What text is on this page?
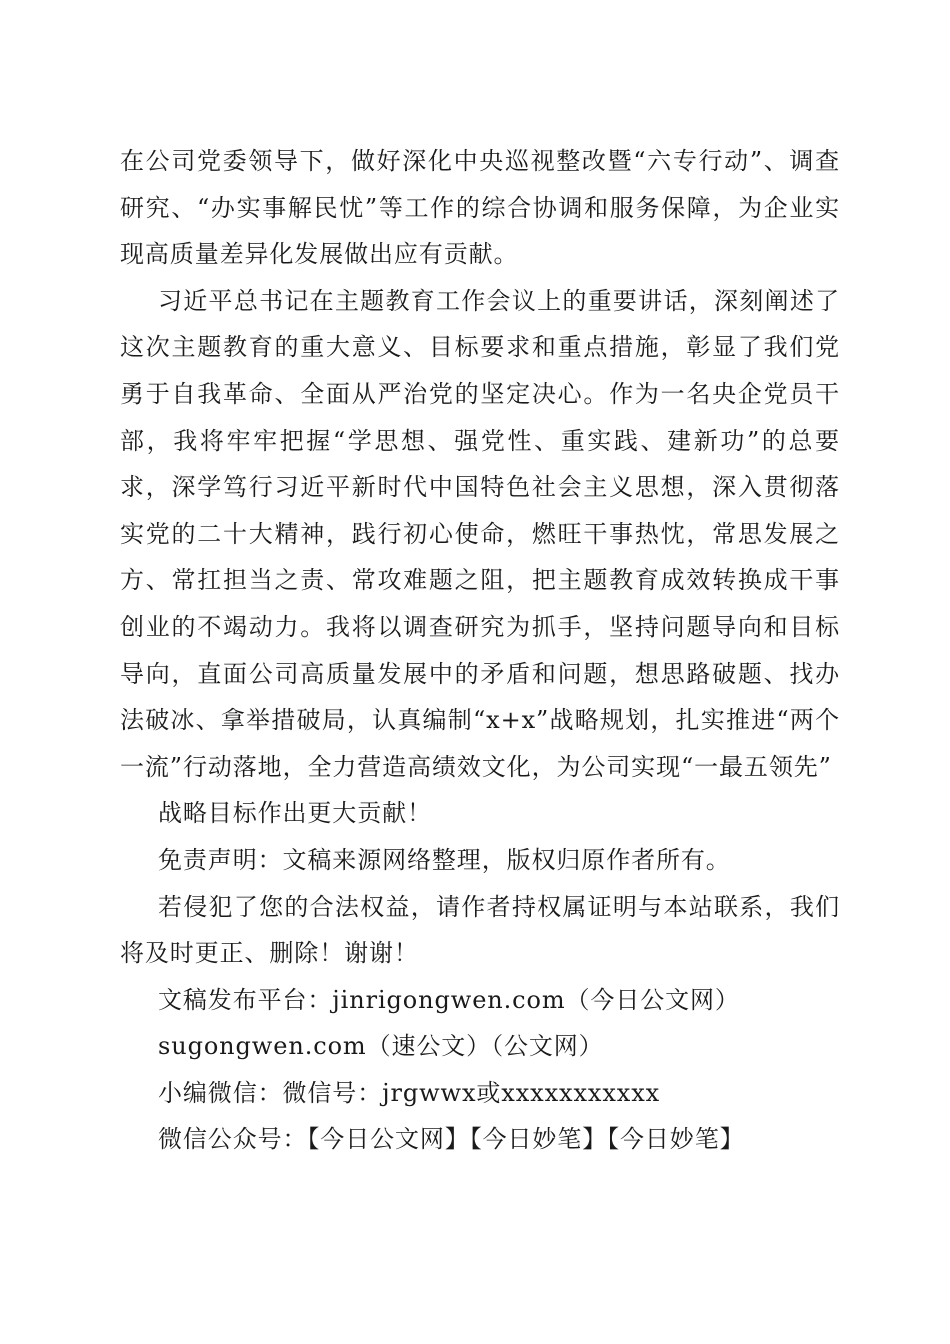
在公司党委领导下，做好深化中央巡视整改暨“六专行动”、调查研究、“办实事解民忧”等工作的综合协调和服务保障，为企业实现高质量差异化发展做出应有贡献。

习近平总书记在主题教育工作会议上的重要讲话，深刻阐述了这次主题教育的重大意义、目标要求和重点措施，彰显了我们党勇于自我革命、全面从严治党的坚定决心。作为一名央企党员干部，我将牢牢把握“学思想、强党性、重实践、建新功”的总要求，深学笃行习近平新时代中国特色社会主义思想，深入贯彻落实党的二十大精神，践行初心使命，燃旺干事热忱，常思发展之方、常扛担当之责、常攻难题之阻，把主题教育成效转换成干事创业的不竭动力。我将以调查研究为抓手，坚持问题导向和目标导向，直面公司高质量发展中的矛盾和问题，想思路破题、找办法破冰、拿举措破局，认真编制“x+x”战略规划，扎实推进“两个一流”行动落地，全力营造高绩效文化，为公司实现“一最五领先”

战略目标作出更大贡献！

免责声明：文稿来源网络整理，版权归原作者所有。

若侵犯了您的合法权益，请作者持权属证明与本站联系，我们将及时更正、删除！谢谢！

文稿发布平台：jinrigongwen.com（今日公文网）

sugongwen.com（速公文）（公文网）

小编微信：微信号：jrgwwx或xxxxxxxxxxx

微信公众号：【今日公文网】【今日妙笔】【今日妙笔】
